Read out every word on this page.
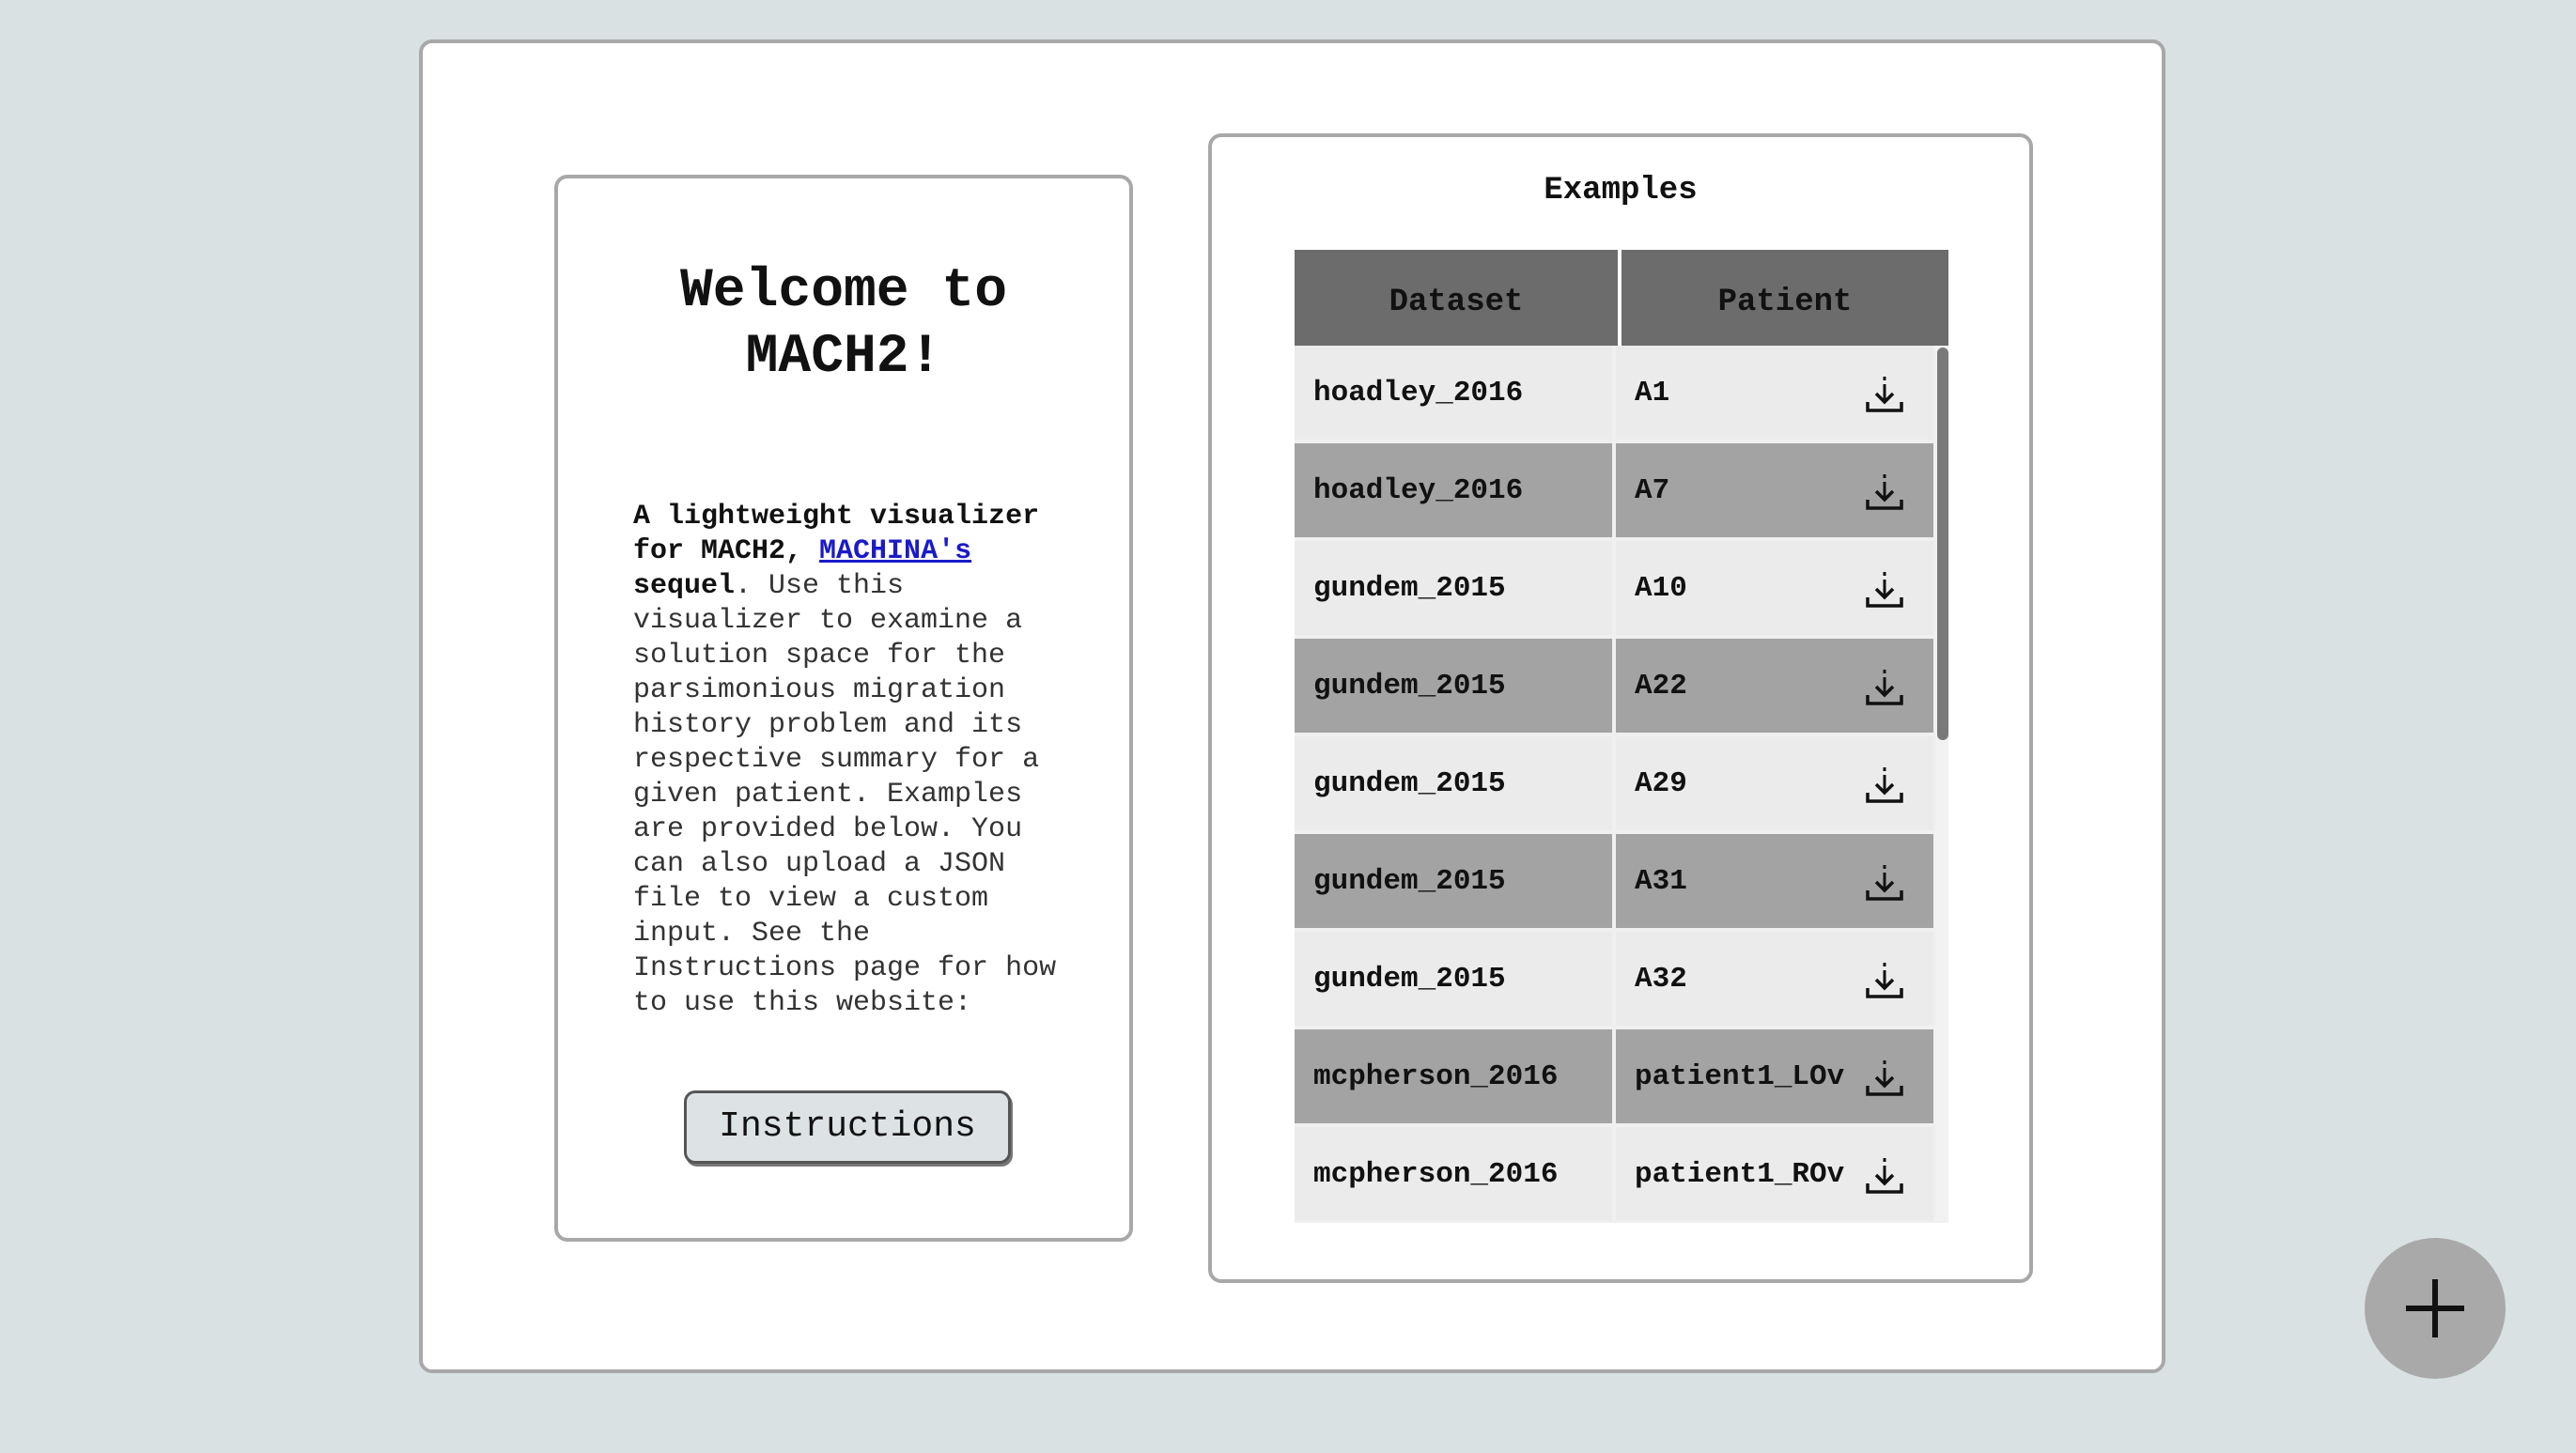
Welcome to MACH2!
A lightweight visualizer for MACH2, MACHINA's sequel. Use this visualizer to examine a solution space for the parsimonious migration history problem and its respective summary for a given patient. Examples are provided below. You can also upload a JSON file to view a custom input. See the Instructions page for how to use this website:
Instructions
Examples
Dataset	Patient
hoadley_2016	A1
hoadley_2016	A7
gundem_2015	A10
gundem_2015	A22
gundem_2015	A29
gundem_2015	A31
gundem_2015	A32
mcpherson_2016	patient1_LOv
mcpherson_2016	patient1_ROv
